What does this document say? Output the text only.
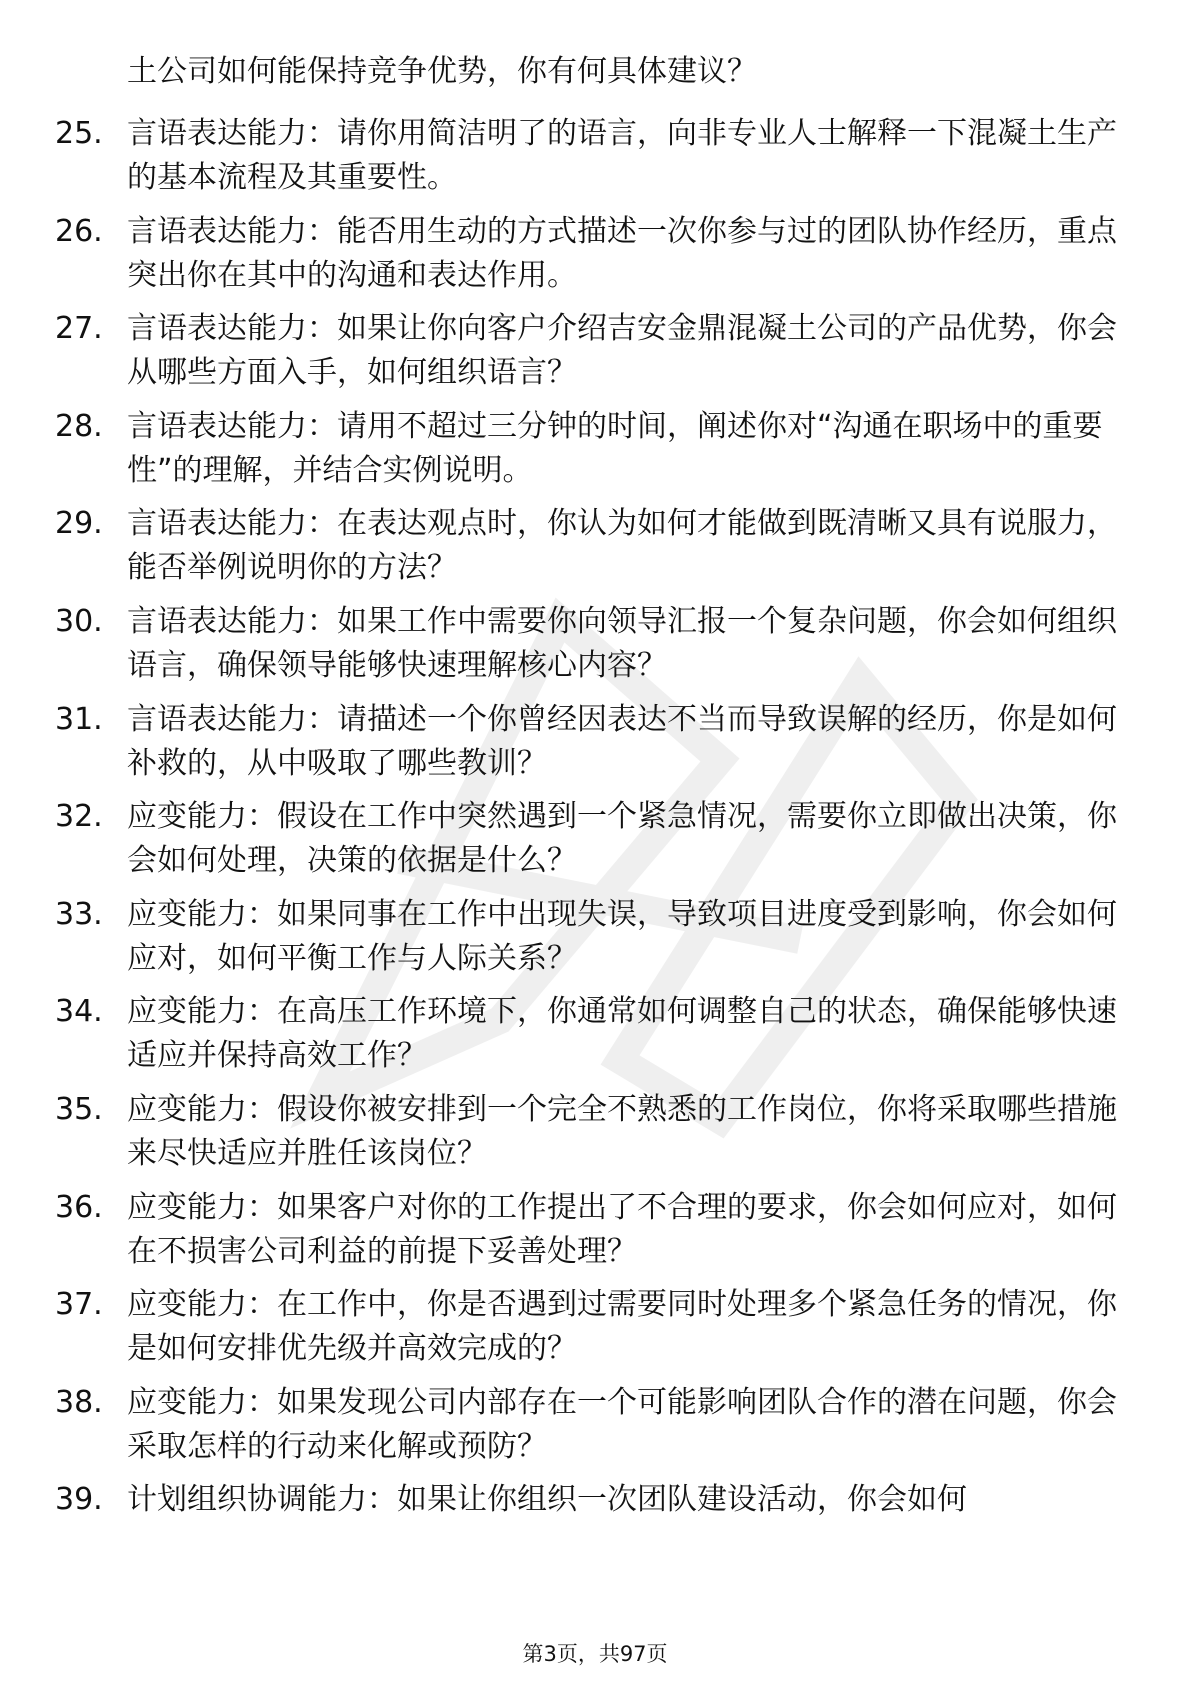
土公司如何能保持竞争优势，你有何具体建议？
25. 言语表达能力：请你用简洁明了的语言，向非专业人士解释一下混凝土生产的基本流程及其重要性。
26. 言语表达能力：能否用生动的方式描述一次你参与过的团队协作经历，重点突出你在其中的沟通和表达作用。
27. 言语表达能力：如果让你向客户介绍吉安金鼎混凝土公司的产品优势，你会从哪些方面入手，如何组织语言？
28. 言语表达能力：请用不超过三分钟的时间，阐述你对“沟通在职场中的重要性”的理解，并结合实例说明。
29. 言语表达能力：在表达观点时，你认为如何才能做到既清晰又具有说服力，能否举例说明你的方法？
30. 言语表达能力：如果工作中需要你向领导汇报一个复杂问题，你会如何组织语言，确保领导能够快速理解核心内容？
31. 言语表达能力：请描述一个你曾经因表达不当而导致误解的经历，你是如何补救的，从中吸取了哪些教训？
32. 应变能力：假设在工作中突然遇到一个紧急情况，需要你立即做出决策，你会如何处理，决策的依据是什么？
33. 应变能力：如果同事在工作中出现失误，导致项目进度受到影响，你会如何应对，如何平衡工作与人际关系？
34. 应变能力：在高压工作环境下，你通常如何调整自己的状态，确保能够快速适应并保持高效工作？
35. 应变能力：假设你被安排到一个完全不熟悉的工作岗位，你将采取哪些措施来尽快适应并胜任该岗位？
36. 应变能力：如果客户对你的工作提出了不合理的要求，你会如何应对，如何在不损害公司利益的前提下妥善处理？
37. 应变能力：在工作中，你是否遇到过需要同时处理多个紧急任务的情况，你是如何安排优先级并高效完成的？
38. 应变能力：如果发现公司内部存在一个可能影响团队合作的潜在问题，你会采取怎样的行动来化解或预防？
39. 计划组织协调能力：如果让你组织一次团队建设活动，你会如何
第3页，共97页
